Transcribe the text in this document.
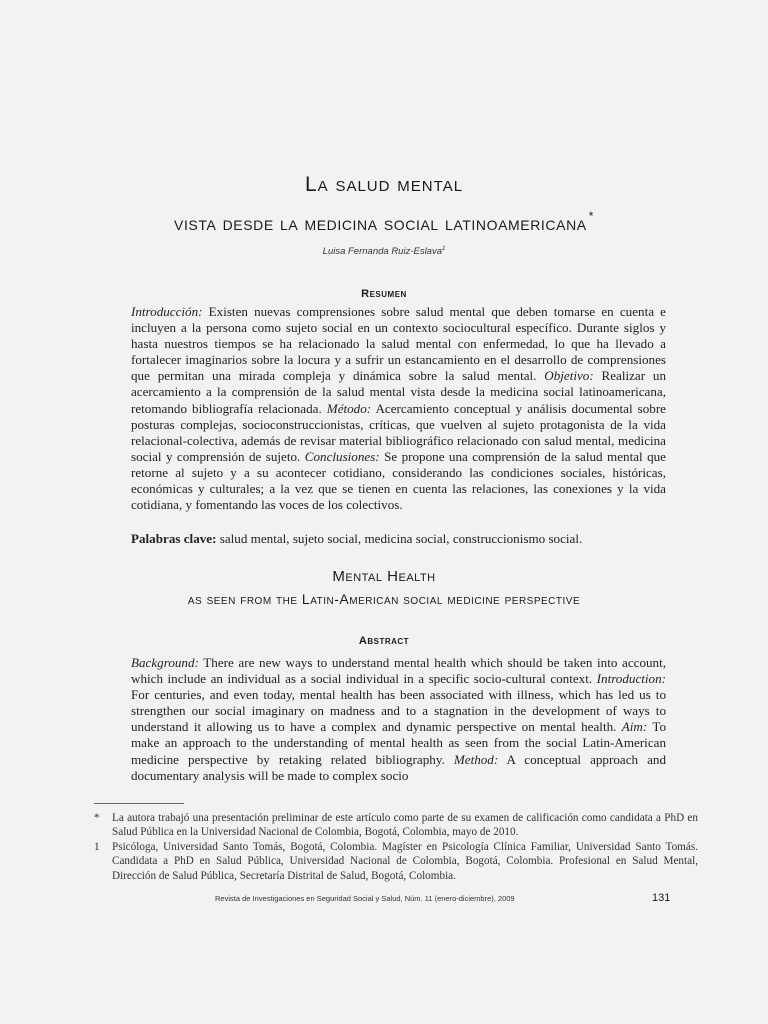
La salud mental

vista desde la medicina social latinoamericana *

Luisa Fernanda Ruiz-Eslava$^1$
Resumen
Introducción: Existen nuevas comprensiones sobre salud mental que deben tomarse en cuenta e incluyen a la persona como sujeto social en un contexto sociocultural específico. Durante siglos y hasta nuestros tiempos se ha relacionado la salud mental con enfermedad, lo que ha llevado a fortalecer imaginarios sobre la locura y a sufrir un estancamiento en el desarrollo de comprensiones que permitan una mirada compleja y dinámica sobre la salud mental. Objetivo: Realizar un acercamiento a la comprensión de la salud mental vista desde la medicina social latinoamericana, retomando bibliografía relacionada. Método: Acercamiento conceptual y análisis documental sobre posturas complejas, socioconstruccionistas, críticas, que vuelven al sujeto protagonista de la vida relacional-colectiva, además de revisar material bibliográfico relacionado con salud mental, medicina social y comprensión de sujeto. Conclusiones: Se propone una comprensión de la salud mental que retorne al sujeto y a su acontecer cotidiano, considerando las condiciones sociales, históricas, económicas y culturales; a la vez que se tienen en cuenta las relaciones, las conexiones y la vida cotidiana, y fomentando las voces de los colectivos.
Palabras clave: salud mental, sujeto social, medicina social, construccionismo social.

Mental Health

as seen from the Latin-American social medicine perspective

Abstract
Background: There are new ways to understand mental health which should be taken into account, which include an individual as a social individual in a specific socio-cultural context. Introduction: For centuries, and even today, mental health has been associated with illness, which has led us to strengthen our social imaginary on madness and to a stagnation in the development of ways to understand it allowing us to have a complex and dynamic perspective on mental health. Aim: To make an approach to the understanding of mental health as seen from the social Latin-American medicine perspective by retaking related bibliography. Method: A conceptual approach and documentary analysis will be made to complex socio
*	La autora trabajó una presentación preliminar de este artículo como parte de su examen de calificación como candidata a PhD en Salud Pública en la Universidad Nacional de Colombia, Bogotá, Colombia, mayo de 2010.
1	Psicóloga, Universidad Santo Tomás, Bogotá, Colombia. Magíster en Psicología Clínica Familiar, Universidad Santo Tomás. Candidata a PhD en Salud Pública, Universidad Nacional de Colombia, Bogotá, Colombia. Profesional en Salud Mental, Dirección de Salud Pública, Secretaría Distrital de Salud, Bogotá, Colombia.
Revista de Investigaciones en Seguridad Social y Salud, Núm. 11 (enero-diciembre), 2009	131
